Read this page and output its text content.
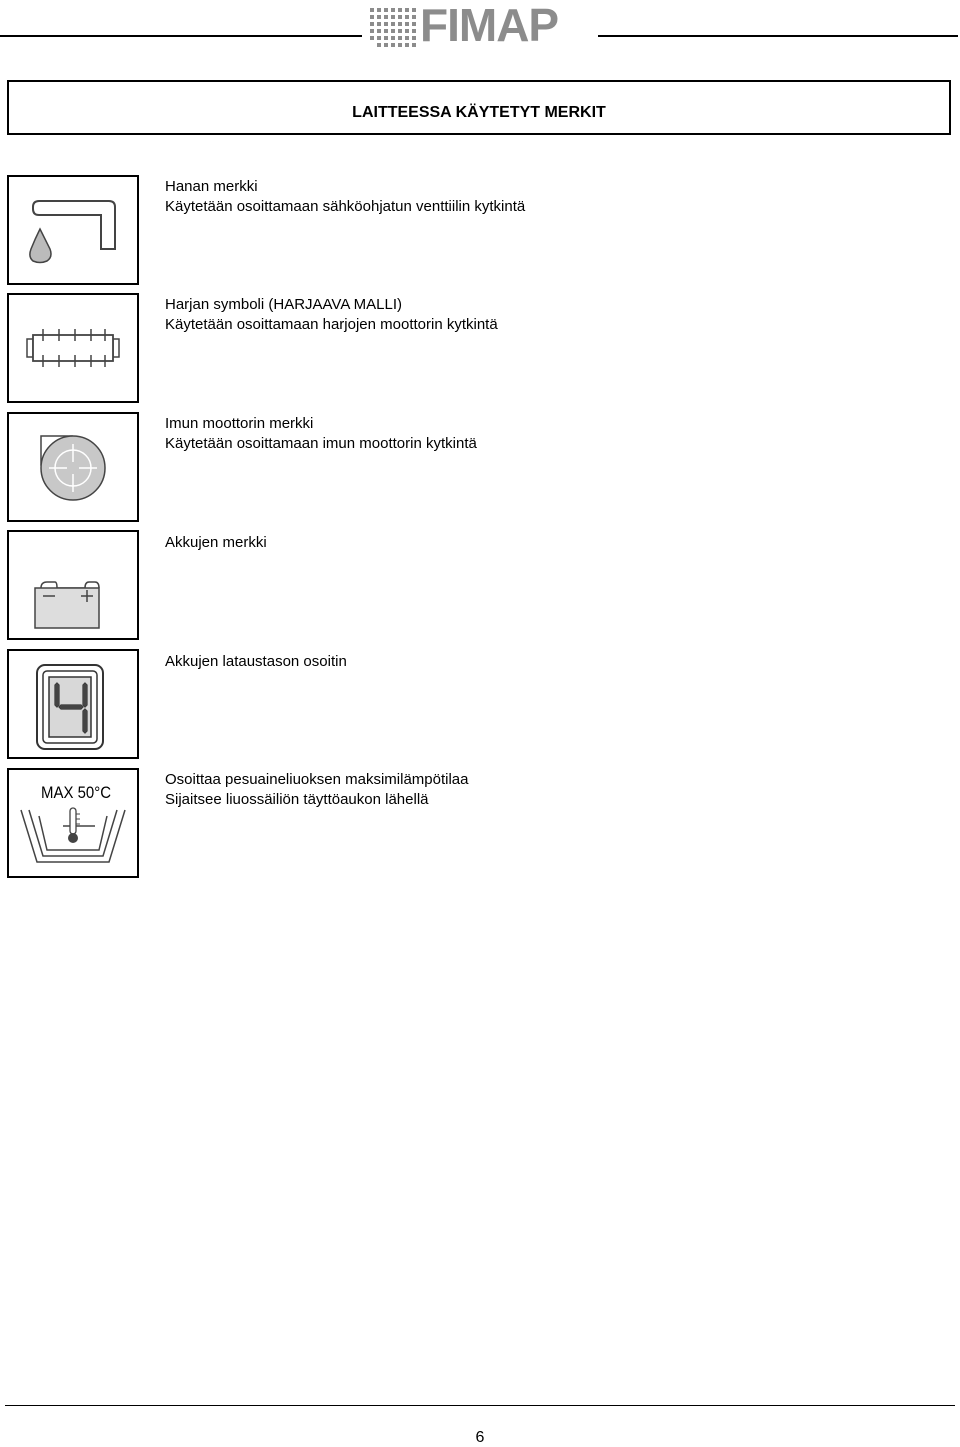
FIMAP
LAITTEESSA KÄYTETYT MERKIT
Hanan merkki
Käytetään osoittamaan sähköohjatun venttiilin kytkintä
Harjan symboli (HARJAAVA MALLI)
Käytetään osoittamaan harjojen moottorin kytkintä
Imun moottorin merkki
Käytetään osoittamaan imun moottorin kytkintä
Akkujen merkki
Akkujen lataustason osoitin
MAX 50°C
Osoittaa pesuaineliuoksen maksimilämpötilaa
Sijaitsee liuossäiliön täyttöaukon lähellä
6
